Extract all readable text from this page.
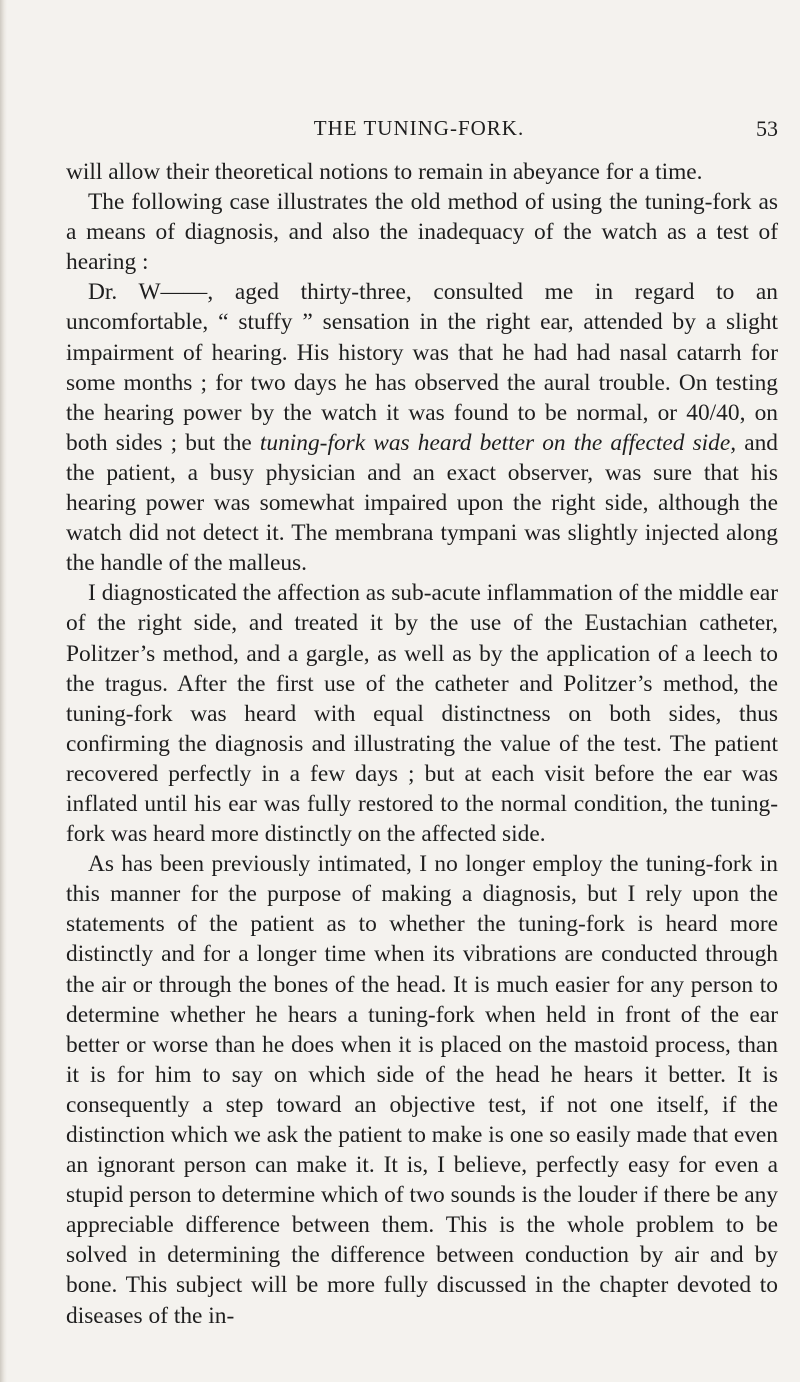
THE TUNING-FORK.	53

will allow their theoretical notions to remain in abeyance for a time.

The following case illustrates the old method of using the tuning-fork as a means of diagnosis, and also the inadequacy of the watch as a test of hearing :

Dr. W——, aged thirty-three, consulted me in regard to an uncomfortable, “ stuffy ” sensation in the right ear, attended by a slight impairment of hearing. His history was that he had had nasal catarrh for some months ; for two days he has observed the aural trouble. On testing the hearing power by the watch it was found to be normal, or 40/40, on both sides ; but the tuning-fork was heard better on the affected side, and the patient, a busy physician and an exact observer, was sure that his hearing power was somewhat impaired upon the right side, although the watch did not detect it. The membrana tympani was slightly injected along the handle of the malleus.

I diagnosticated the affection as sub-acute inflammation of the middle ear of the right side, and treated it by the use of the Eustachian catheter, Politzer’s method, and a gargle, as well as by the application of a leech to the tragus. After the first use of the catheter and Politzer’s method, the tuning-fork was heard with equal distinctness on both sides, thus confirming the diagnosis and illustrating the value of the test. The patient recovered perfectly in a few days ; but at each visit before the ear was inflated until his ear was fully restored to the normal condition, the tuning-fork was heard more distinctly on the affected side.

As has been previously intimated, I no longer employ the tuning-fork in this manner for the purpose of making a diagnosis, but I rely upon the statements of the patient as to whether the tuning-fork is heard more distinctly and for a longer time when its vibrations are conducted through the air or through the bones of the head. It is much easier for any person to determine whether he hears a tuning-fork when held in front of the ear better or worse than he does when it is placed on the mastoid process, than it is for him to say on which side of the head he hears it better. It is consequently a step toward an objective test, if not one itself, if the distinction which we ask the patient to make is one so easily made that even an ignorant person can make it. It is, I believe, perfectly easy for even a stupid person to determine which of two sounds is the louder if there be any appreciable difference between them. This is the whole problem to be solved in determining the difference between conduction by air and by bone. This subject will be more fully discussed in the chapter devoted to diseases of the in-
